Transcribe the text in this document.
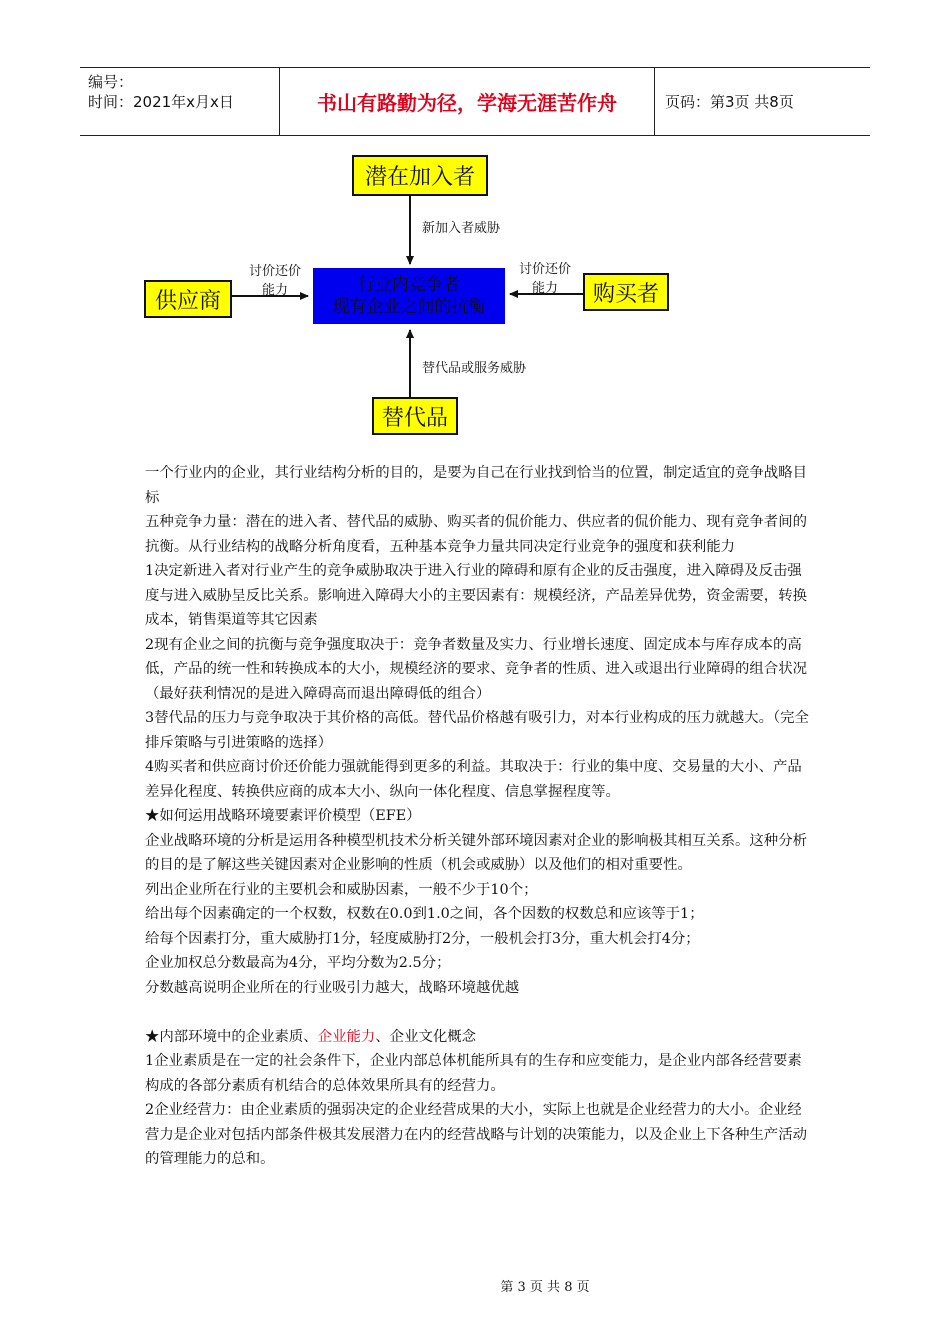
编号：
时间：2021年x月x日	书山有路勤为径，学海无涯苦作舟	页码：第3页 共8页
潜在加入者
供应商	购买者
替代品
行业内竞争者
现有企业之间的抗衡
新加入者威胁
讨价还价
能力
讨价还价
能力
替代品或服务威胁

一个行业内的企业，其行业结构分析的目的，是要为自己在行业找到恰当的位置，制定适宜的竞争战略目标

五种竞争力量：潜在的进入者、替代品的威胁、购买者的侃价能力、供应者的侃价能力、现有竞争者间的抗衡。从行业结构的战略分析角度看，五种基本竞争力量共同决定行业竞争的强度和获利能力

1决定新进入者对行业产生的竞争威胁取决于进入行业的障碍和原有企业的反击强度，进入障碍及反击强度与进入威胁呈反比关系。影响进入障碍大小的主要因素有：规模经济，产品差异优势，资金需要，转换成本，销售渠道等其它因素

2现有企业之间的抗衡与竞争强度取决于：竞争者数量及实力、行业增长速度、固定成本与库存成本的高低，产品的统一性和转换成本的大小，规模经济的要求、竞争者的性质、进入或退出行业障碍的组合状况（最好获利情况的是进入障碍高而退出障碍低的组合）

3替代品的压力与竞争取决于其价格的高低。替代品价格越有吸引力，对本行业构成的压力就越大。（完全排斥策略与引进策略的选择）

4购买者和供应商讨价还价能力强就能得到更多的利益。其取决于：行业的集中度、交易量的大小、产品差异化程度、转换供应商的成本大小、纵向一体化程度、信息掌握程度等。

★如何运用战略环境要素评价模型（EFE）

企业战略环境的分析是运用各种模型机技术分析关键外部环境因素对企业的影响极其相互关系。这种分析的目的是了解这些关键因素对企业影响的性质（机会或威胁）以及他们的相对重要性。

列出企业所在行业的主要机会和威胁因素，一般不少于10个；

给出每个因素确定的一个权数，权数在0.0到1.0之间，各个因数的权数总和应该等于1；

给每个因素打分，重大威胁打1分，轻度威胁打2分，一般机会打3分，重大机会打4分；

企业加权总分数最高为4分，平均分数为2.5分；

分数越高说明企业所在的行业吸引力越大，战略环境越优越

★内部环境中的企业素质、企业能力、企业文化概念

1企业素质是在一定的社会条件下，企业内部总体机能所具有的生存和应变能力，是企业内部各经营要素构成的各部分素质有机结合的总体效果所具有的经营力。

2企业经营力：由企业素质的强弱决定的企业经营成果的大小，实际上也就是企业经营力的大小。企业经营力是企业对包括内部条件极其发展潜力在内的经营战略与计划的决策能力，以及企业上下各种生产活动的管理能力的总和。

第 3 页 共 8 页
